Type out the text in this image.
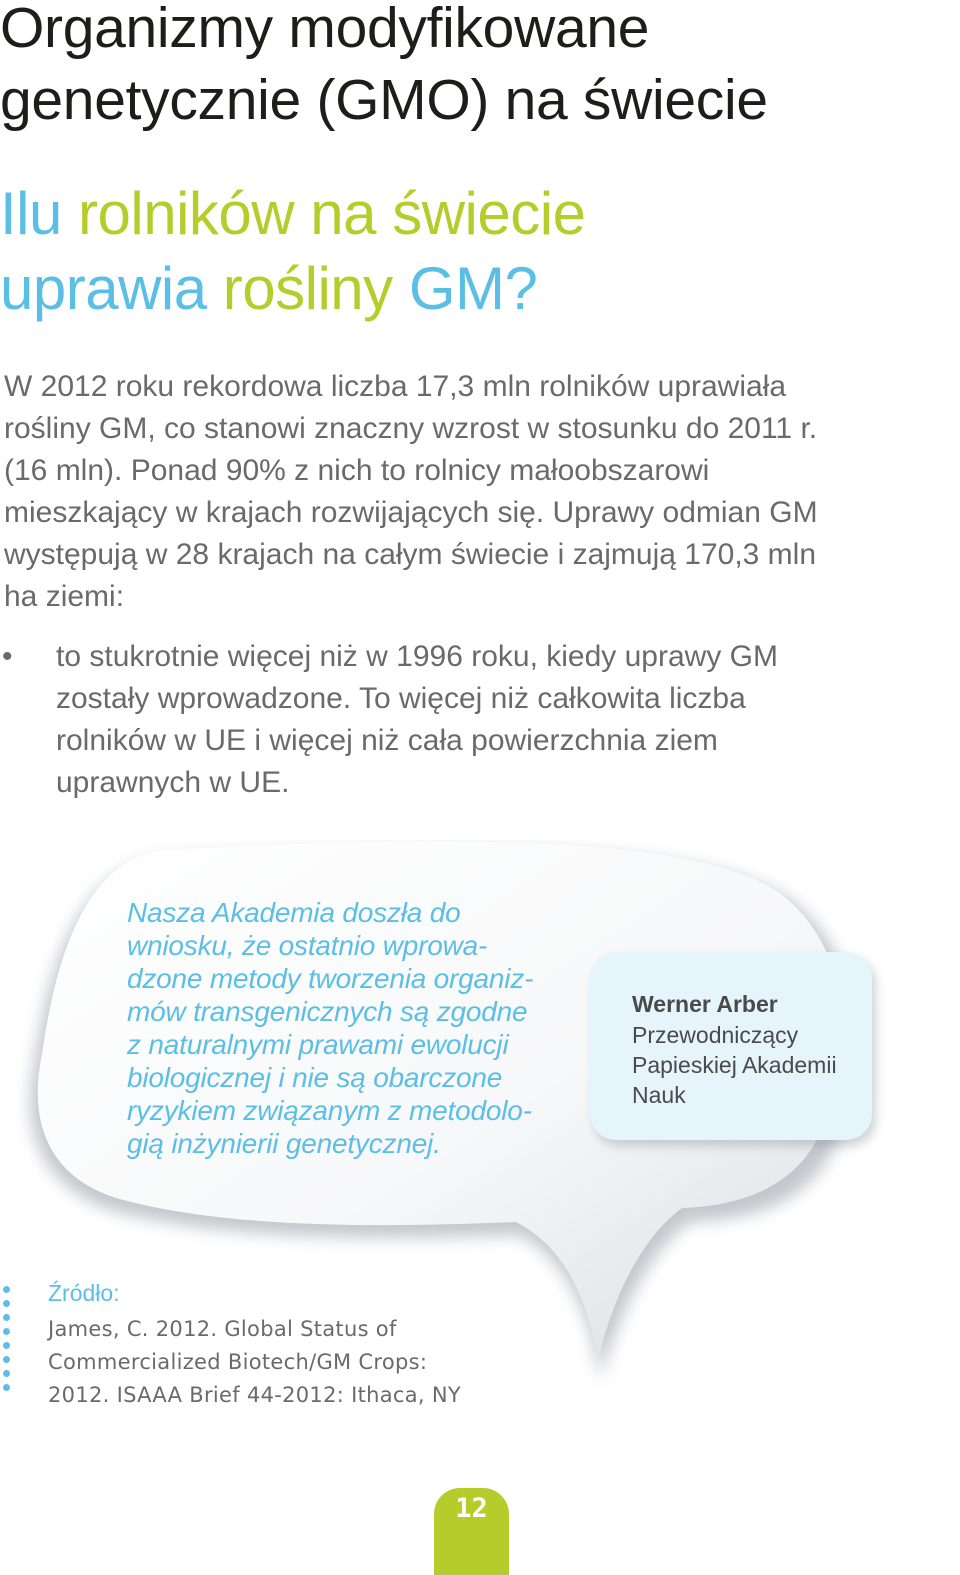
Organizmy modyfikowane
genetycznie (GMO) na świecie
Ilu rolników na świecie
uprawia rośliny GM?

W 2012 roku rekordowa liczba 17,3 mln rolników uprawiała
rośliny GM, co stanowi znaczny wzrost w stosunku do 2011 r.
(16 mln). Ponad 90% z nich to rolnicy małoobszarowi
mieszkający w krajach rozwijających się. Uprawy odmian GM
występują w 28 krajach na całym świecie i zajmują 170,3 mln
ha ziemi:

• to stukrotnie więcej niż w 1996 roku, kiedy uprawy GM
zostały wprowadzone. To więcej niż całkowita liczba
rolników w UE i więcej niż cała powierzchnia ziem
uprawnych w UE.

Nasza Akademia doszła do
wniosku, że ostatnio wprowa-
dzone metody tworzenia organiz-
mów transgenicznych są zgodne
z naturalnymi prawami ewolucji
biologicznej i nie są obarczone
ryzykiem związanym z metodolo-
gią inżynierii genetycznej.

Werner Arber
Przewodniczący
Papieskiej Akademii
Nauk
Źródło:
James, C. 2012. Global Status of
Commercialized Biotech/GM Crops:
2012. ISAAA Brief 44-2012: Ithaca, NY
12
